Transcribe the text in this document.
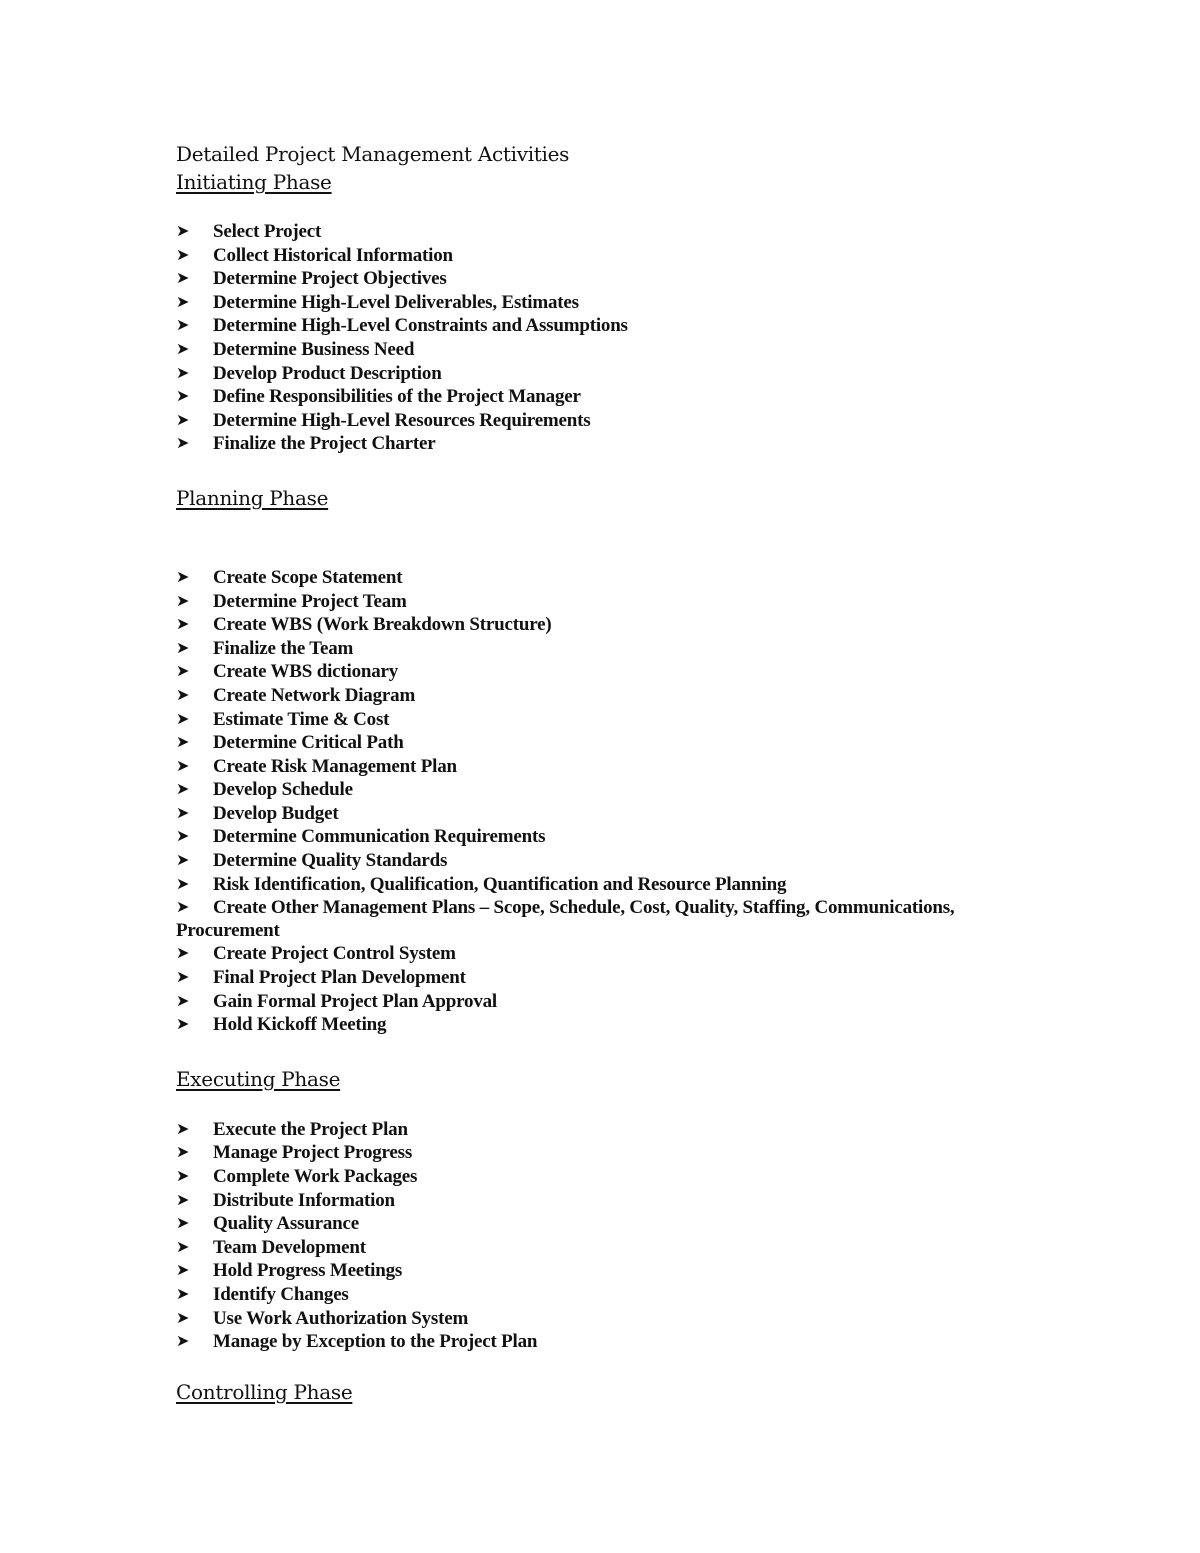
Detailed Project Management Activities
Initiating Phase
➤ Select Project
➤ Collect Historical Information
➤ Determine Project Objectives
➤ Determine High-Level Deliverables, Estimates
➤ Determine High-Level Constraints and Assumptions
➤ Determine Business Need
➤ Develop Product Description
➤ Define Responsibilities of the Project Manager
➤ Determine High-Level Resources Requirements
➤ Finalize the Project Charter
Planning Phase
➤ Create Scope Statement
➤ Determine Project Team
➤ Create WBS (Work Breakdown Structure)
➤ Finalize the Team
➤ Create WBS dictionary
➤ Create Network Diagram
➤ Estimate Time & Cost
➤ Determine Critical Path
➤ Create Risk Management Plan
➤ Develop Schedule
➤ Develop Budget
➤ Determine Communication Requirements
➤ Determine Quality Standards
➤ Risk Identification, Qualification, Quantification and Resource Planning
➤ Create Other Management Plans – Scope, Schedule, Cost, Quality, Staffing, Communications, Procurement
➤ Create Project Control System
➤ Final Project Plan Development
➤ Gain Formal Project Plan Approval
➤ Hold Kickoff Meeting
Executing Phase
➤ Execute the Project Plan
➤ Manage Project Progress
➤ Complete Work Packages
➤ Distribute Information
➤ Quality Assurance
➤ Team Development
➤ Hold Progress Meetings
➤ Identify Changes
➤ Use Work Authorization System
➤ Manage by Exception to the Project Plan
Controlling Phase
